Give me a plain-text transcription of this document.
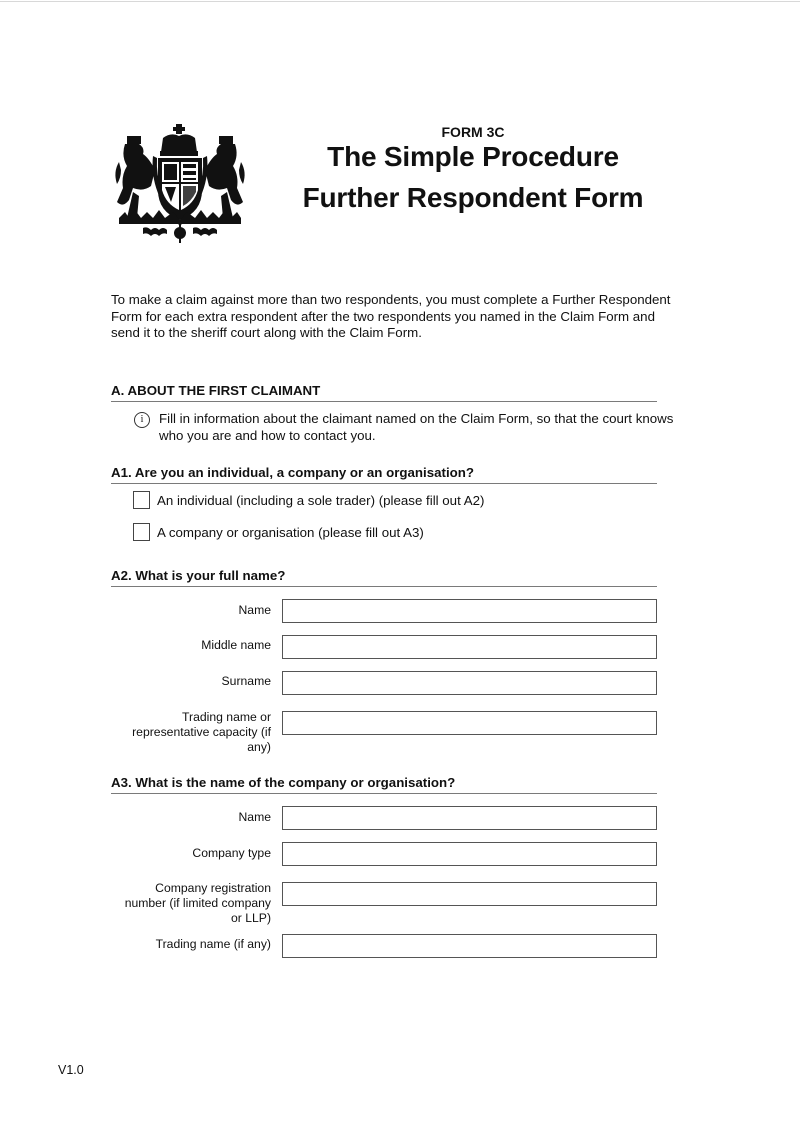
FORM 3C
The Simple Procedure
Further Respondent Form
To make a claim against more than two respondents, you must complete a Further Respondent Form for each extra respondent after the two respondents you named in the Claim Form and send it to the sheriff court along with the Claim Form.
A. ABOUT THE FIRST CLAIMANT
i	Fill in information about the claimant named on the Claim Form, so that the court knows who you are and how to contact you.
A1. Are you an individual, a company or an organisation?
An individual (including a sole trader) (please fill out A2)
A company or organisation (please fill out A3)
A2. What is your full name?
Name
Middle name
Surname
Trading name or representative capacity (if any)
A3. What is the name of the company or organisation?
Name
Company type
Company registration number (if limited company or LLP)
Trading name (if any)
V1.0
